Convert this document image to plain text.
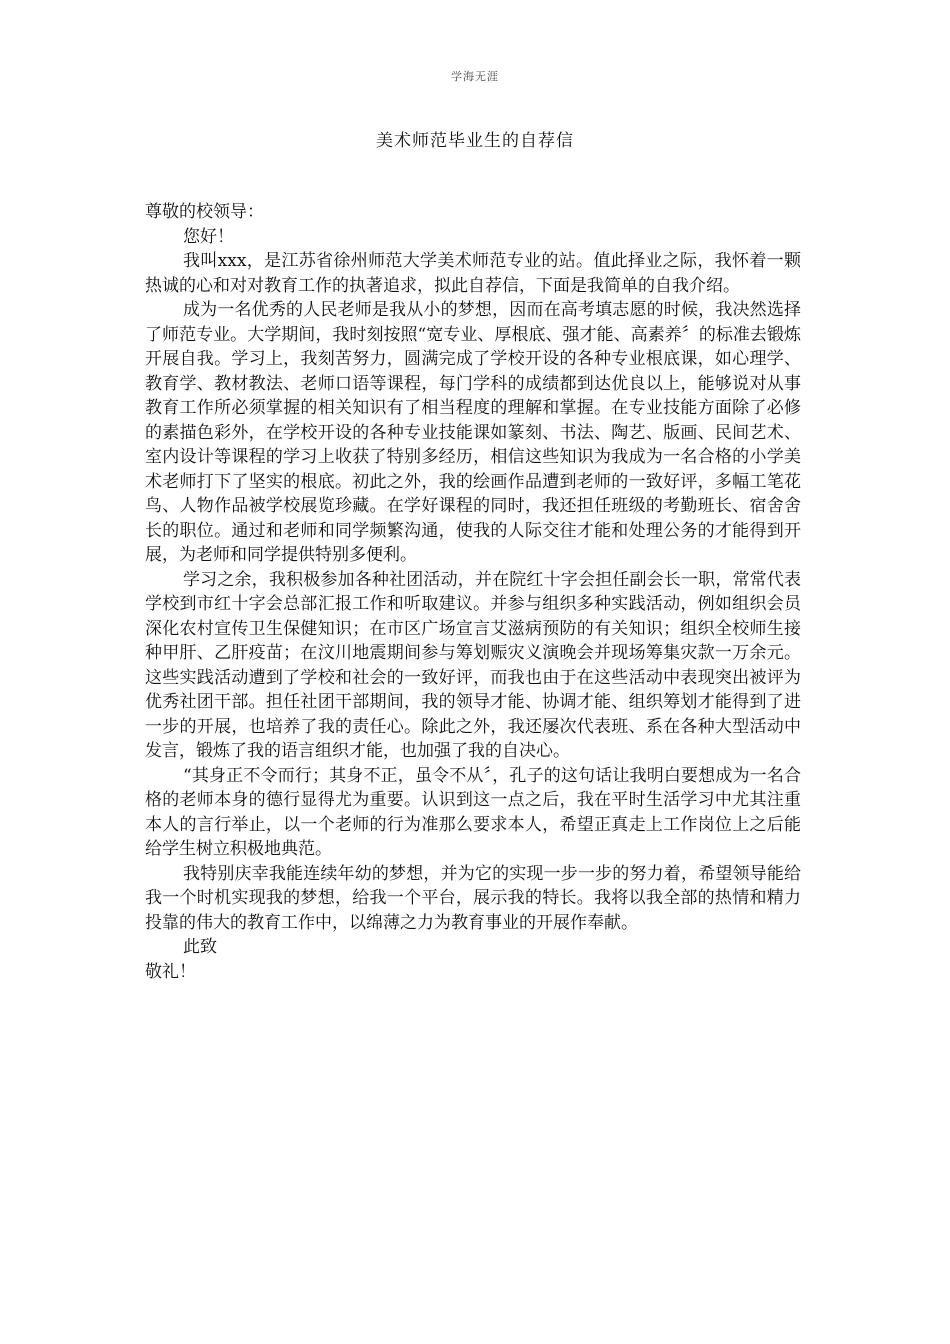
学海无涯
美术师范毕业生的自荐信

尊敬的校领导：

您好！

我叫xxx，是江苏省徐州师范大学美术师范专业的站。值此择业之际，我怀着一颗热诚的心和对对教育工作的执著追求，拟此自荐信，下面是我简单的自我介绍。

成为一名优秀的人民老师是我从小的梦想，因而在高考填志愿的时候，我决然选择了师范专业。大学期间，我时刻按照“宽专业、厚根底、强才能、高素养〞的标准去锻炼开展自我。学习上，我刻苦努力，圆满完成了学校开设的各种专业根底课，如心理学、教育学、教材教法、老师口语等课程，每门学科的成绩都到达优良以上，能够说对从事教育工作所必须掌握的相关知识有了相当程度的理解和掌握。在专业技能方面除了必修的素描色彩外，在学校开设的各种专业技能课如篆刻、书法、陶艺、版画、民间艺术、室内设计等课程的学习上收获了特别多经历，相信这些知识为我成为一名合格的小学美术老师打下了坚实的根底。初此之外，我的绘画作品遭到老师的一致好评，多幅工笔花鸟、人物作品被学校展览珍藏。在学好课程的同时，我还担任班级的考勤班长、宿舍舍长的职位。通过和老师和同学频繁沟通，使我的人际交往才能和处理公务的才能得到开展，为老师和同学提供特别多便利。

学习之余，我积极参加各种社团活动，并在院红十字会担任副会长一职，常常代表学校到市红十字会总部汇报工作和听取建议。并参与组织多种实践活动，例如组织会员深化农村宣传卫生保健知识；在市区广场宣言艾滋病预防的有关知识；组织全校师生接种甲肝、乙肝疫苗；在汶川地震期间参与筹划赈灾义演晚会并现场筹集灾款一万余元。这些实践活动遭到了学校和社会的一致好评，而我也由于在这些活动中表现突出被评为优秀社团干部。担任社团干部期间，我的领导才能、协调才能、组织筹划才能得到了进一步的开展，也培养了我的责任心。除此之外，我还屡次代表班、系在各种大型活动中发言，锻炼了我的语言组织才能，也加强了我的自决心。

“其身正不令而行；其身不正，虽令不从〞，孔子的这句话让我明白要想成为一名合格的老师本身的德行显得尤为重要。认识到这一点之后，我在平时生活学习中尤其注重本人的言行举止，以一个老师的行为准那么要求本人，希望正真走上工作岗位上之后能给学生树立积极地典范。

我特别庆幸我能连续年幼的梦想，并为它的实现一步一步的努力着，希望领导能给我一个时机实现我的梦想，给我一个平台，展示我的特长。我将以我全部的热情和精力投靠的伟大的教育工作中，以绵薄之力为教育事业的开展作奉献。

此致

敬礼！
